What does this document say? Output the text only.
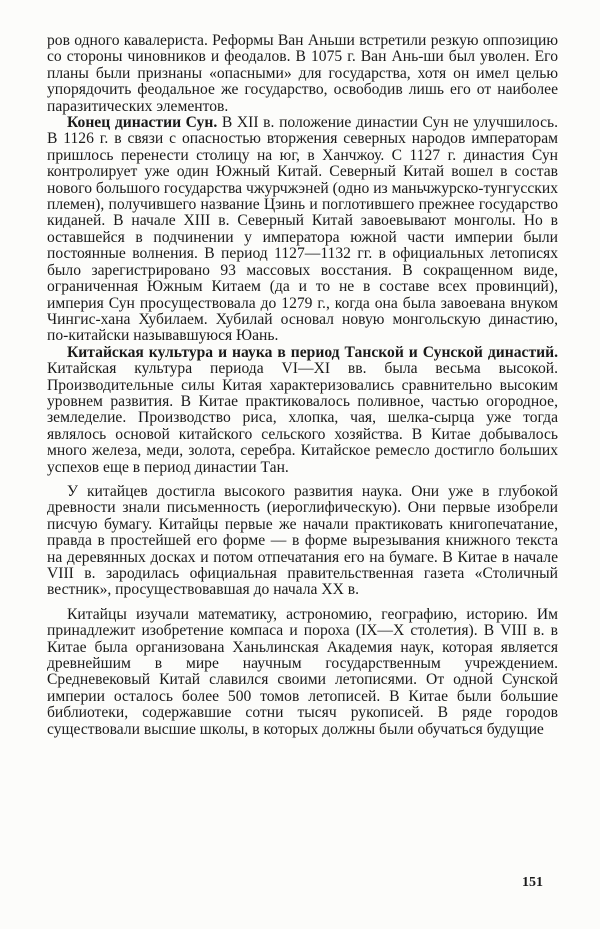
ров одного кавалериста. Реформы Ван Аньши встретили резкую оппозицию со стороны чиновников и феодалов. В 1075 г. Ван Ань-ши был уволен. Его планы были признаны «опасными» для государства, хотя он имел целью упорядочить феодальное же государство, освободив лишь его от наиболее паразитических элементов.

Конец династии Сун. В XII в. положение династии Сун не улучшилось. В 1126 г. в связи с опасностью вторжения северных народов императорам пришлось перенести столицу на юг, в Ханчжоу. С 1127 г. династия Сун контролирует уже один Южный Китай. Северный Китай вошел в состав нового большого государства чжурчжэней (одно из маньчжурско-тунгусских племен), получившего название Цзинь и поглотившего прежнее государство киданей. В начале XIII в. Северный Китай завоевывают монголы. Но в оставшейся в подчинении у императора южной части империи были постоянные волнения. В период 1127—1132 гг. в официальных летописях было зарегистрировано 93 массовых восстания. В сокращенном виде, ограниченная Южным Китаем (да и то не в составе всех провинций), империя Сун просуществовала до 1279 г., когда она была завоевана внуком Чингис-хана Хубилаем. Хубилай основал новую монгольскую династию, по-китайски называвшуюся Юань.

Китайская культура и наука в период Танской и Сунской династий. Китайская культура периода VI—XI вв. была весьма высокой. Производительные силы Китая характеризовались сравнительно высоким уровнем развития. В Китае практиковалось поливное, частью огородное, земледелие. Производство риса, хлопка, чая, шелка-сырца уже тогда являлось основой китайского сельского хозяйства. В Китае добывалось много железа, меди, золота, серебра. Китайское ремесло достигло больших успехов еще в период династии Тан.

У китайцев достигла высокого развития наука. Они уже в глубокой древности знали письменность (иероглифическую). Они первые изобрели писчую бумагу. Китайцы первые же начали практиковать книгопечатание, правда в простейшей его форме — в форме вырезывания книжного текста на деревянных досках и потом отпечатания его на бумаге. В Китае в начале VIII в. зародилась официальная правительственная газета «Столичный вестник», просуществовавшая до начала XX в.

Китайцы изучали математику, астрономию, географию, историю. Им принадлежит изобретение компаса и пороха (IX—X столетия). В VIII в. в Китае была организована Ханьлинская Академия наук, которая является древнейшим в мире научным государственным учреждением. Средневековый Китай славился своими летописями. От одной Сунской империи осталось более 500 томов летописей. В Китае были большие библиотеки, содержавшие сотни тысяч рукописей. В ряде городов существовали высшие школы, в которых должны были обучаться будущие

151
